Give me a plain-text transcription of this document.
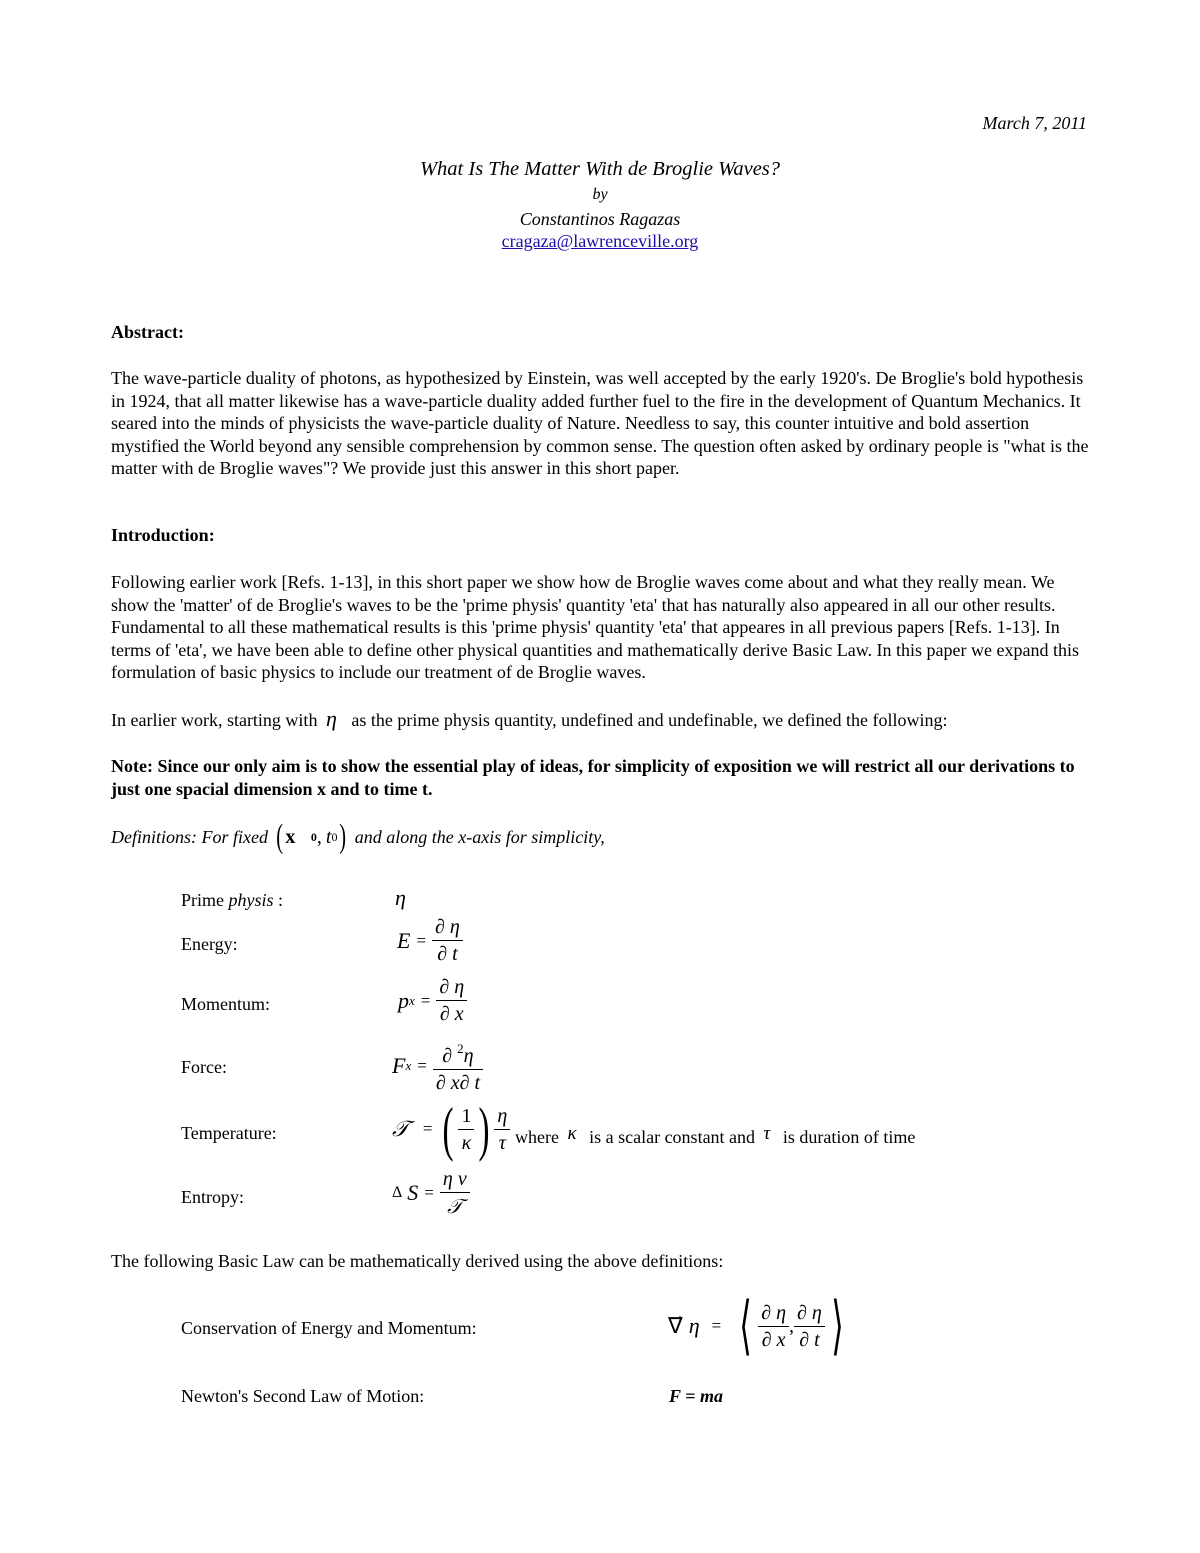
March 7, 2011
What Is The Matter With de Broglie Waves?
by
Constantinos Ragazas
cragaza@lawrenceville.org
Abstract:

The wave-particle duality of photons, as hypothesized by Einstein, was well accepted by the early 1920's. De Broglie's bold hypothesis in 1924, that all matter likewise has a wave-particle duality added further fuel to the fire in the development of Quantum Mechanics. It seared into the minds of physicists the wave-particle duality of Nature. Needless to say, this counter intuitive and bold assertion mystified the World beyond any sensible comprehension by common sense. The question often asked by ordinary people is "what is the matter with de Broglie waves"? We provide just this answer in this short paper.

Introduction:

Following earlier work [Refs. 1-13], in this short paper we show how de Broglie waves come about and what they really mean. We show the 'matter' of de Broglie's waves to be the 'prime physis' quantity 'eta' that has naturally also appeared in all our other results. Fundamental to all these mathematical results is this 'prime physis' quantity 'eta' that appeares in all previous papers [Refs. 1-13]. In terms of 'eta', we have been able to define other physical quantities and mathematically derive Basic Law. In this paper we expand this formulation of basic physics to include our treatment of de Broglie waves.

In earlier work, starting with η as the prime physis quantity, undefined and undefinable, we defined the following:

Note: Since our only aim is to show the essential play of ideas, for simplicity of exposition we will restrict all our derivations to just one spacial dimension x and to time t.

Definitions: For fixed ( x⃗ 0 , t 0 ) and along the x-axis for simplicity,
Prime physis :	η
Energy:	$E = \frac{\partial \eta}{\partial t}$
Momentum:	p $x = \frac{\partial \eta}{\partial x}$
Force:	F $x = \frac{\partial ^2\eta}{\partial x\partial t}$
Temperature:	𝒯 = ( $\frac{1}{\kappa}$ ) $\frac{\eta}{\tau}$ where κ is a scalar constant and τ is duration of time
Entropy:	Δ $S = \frac{\text{η ν}}{\text{𝒯}}$
The following Basic Law can be mathematically derived using the above definitions:
Conservation of Energy and Momentum:	∇⃗ η = ⟨ $\frac{\partial \eta}{\partial x}$ , $\frac{\partial \eta}{\partial t}$ ⟩
Newton's Second Law of Motion:	F = ma
